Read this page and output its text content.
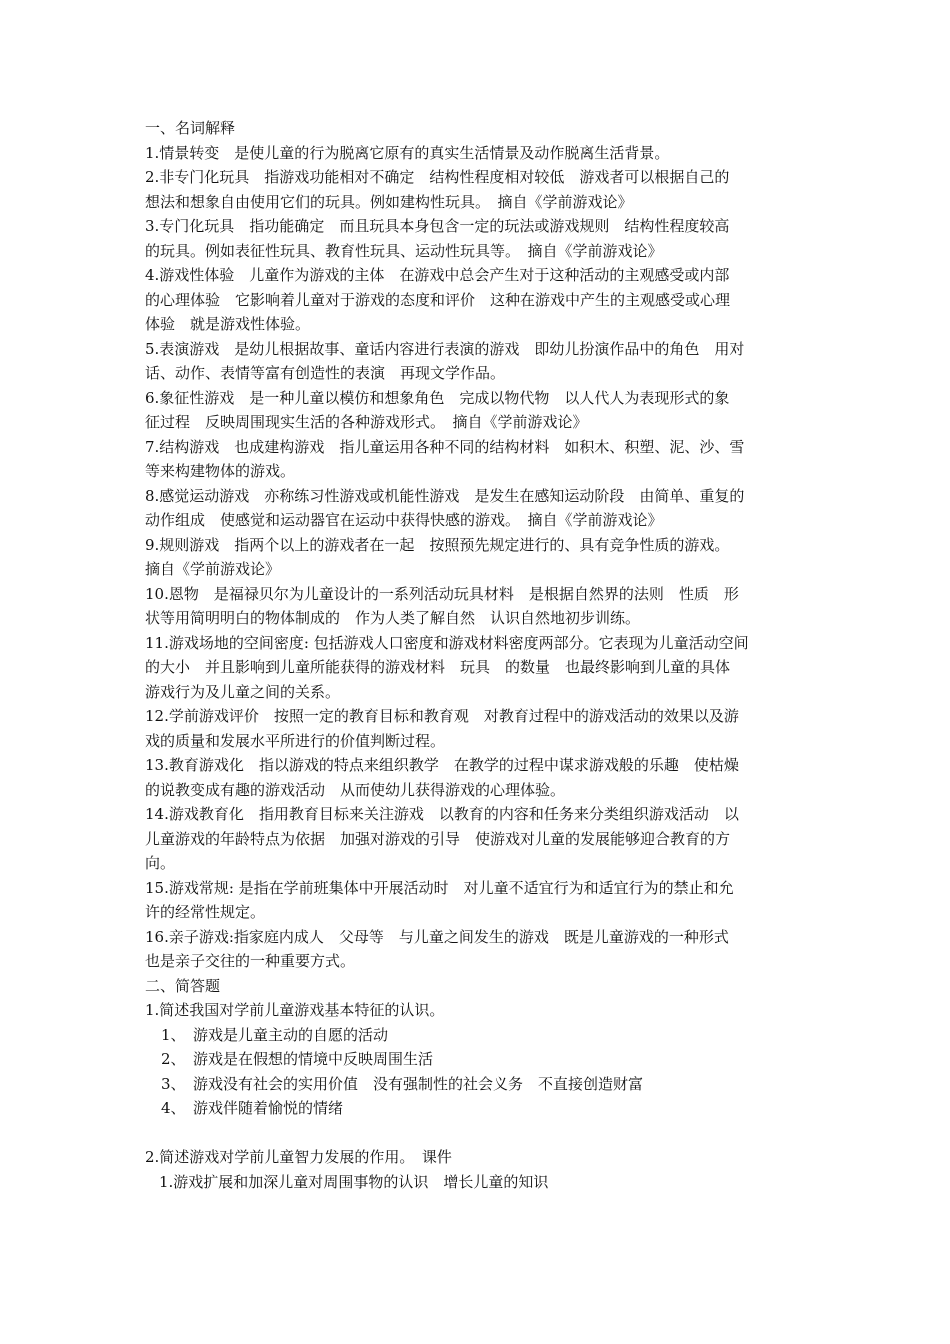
一、名词解释
1.情景转变　是使儿童的行为脱离它原有的真实生活情景及动作脱离生活背景。
2.非专门化玩具　指游戏功能相对不确定　结构性程度相对较低　游戏者可以根据自己的
想法和想象自由使用它们的玩具。例如建构性玩具。　摘自《学前游戏论》
3.专门化玩具　指功能确定　而且玩具本身包含一定的玩法或游戏规则　结构性程度较高
的玩具。例如表征性玩具、教育性玩具、运动性玩具等。　摘自《学前游戏论》
4.游戏性体验　儿童作为游戏的主体　在游戏中总会产生对于这种活动的主观感受或内部
的心理体验　它影响着儿童对于游戏的态度和评价　这种在游戏中产生的主观感受或心理
体验　就是游戏性体验。
5.表演游戏　是幼儿根据故事、童话内容进行表演的游戏　即幼儿扮演作品中的角色　用对
话、动作、表情等富有创造性的表演　再现文学作品。
6.象征性游戏　是一种儿童以模仿和想象角色　完成以物代物　以人代人为表现形式的象
征过程　反映周围现实生活的各种游戏形式。　摘自《学前游戏论》
7.结构游戏　也成建构游戏　指儿童运用各种不同的结构材料　如积木、积塑、泥、沙、雪
等来构建物体的游戏。
8.感觉运动游戏　亦称练习性游戏或机能性游戏　是发生在感知运动阶段　由简单、重复的
动作组成　使感觉和运动器官在运动中获得快感的游戏。　摘自《学前游戏论》
9.规则游戏　指两个以上的游戏者在一起　按照预先规定进行的、具有竞争性质的游戏。
摘自《学前游戏论》
10.恩物　是福禄贝尔为儿童设计的一系列活动玩具材料　是根据自然界的法则　性质　形
状等用简明明白的物体制成的　作为人类了解自然　认识自然地初步训练。
11.游戏场地的空间密度: 包括游戏人口密度和游戏材料密度两部分。它表现为儿童活动空间
的大小　并且影响到儿童所能获得的游戏材料　玩具　的数量　也最终影响到儿童的具体
游戏行为及儿童之间的关系。
12.学前游戏评价　按照一定的教育目标和教育观　对教育过程中的游戏活动的效果以及游
戏的质量和发展水平所进行的价值判断过程。
13.教育游戏化　指以游戏的特点来组织教学　在教学的过程中谋求游戏般的乐趣　使枯燥
的说教变成有趣的游戏活动　从而使幼儿获得游戏的心理体验。
14.游戏教育化　指用教育目标来关注游戏　以教育的内容和任务来分类组织游戏活动　以
儿童游戏的年龄特点为依据　加强对游戏的引导　使游戏对儿童的发展能够迎合教育的方
向。
15.游戏常规: 是指在学前班集体中开展活动时　对儿童不适宜行为和适宜行为的禁止和允
许的经常性规定。
16.亲子游戏:指家庭内成人　父母等　与儿童之间发生的游戏　既是儿童游戏的一种形式
也是亲子交往的一种重要方式。
二、简答题
1.简述我国对学前儿童游戏基本特征的认识。
1、　游戏是儿童主动的自愿的活动
2、　游戏是在假想的情境中反映周围生活
3、　游戏没有社会的实用价值　没有强制性的社会义务　不直接创造财富
4、　游戏伴随着愉悦的情绪
2.简述游戏对学前儿童智力发展的作用。　课件
1.游戏扩展和加深儿童对周围事物的认识　增长儿童的知识
